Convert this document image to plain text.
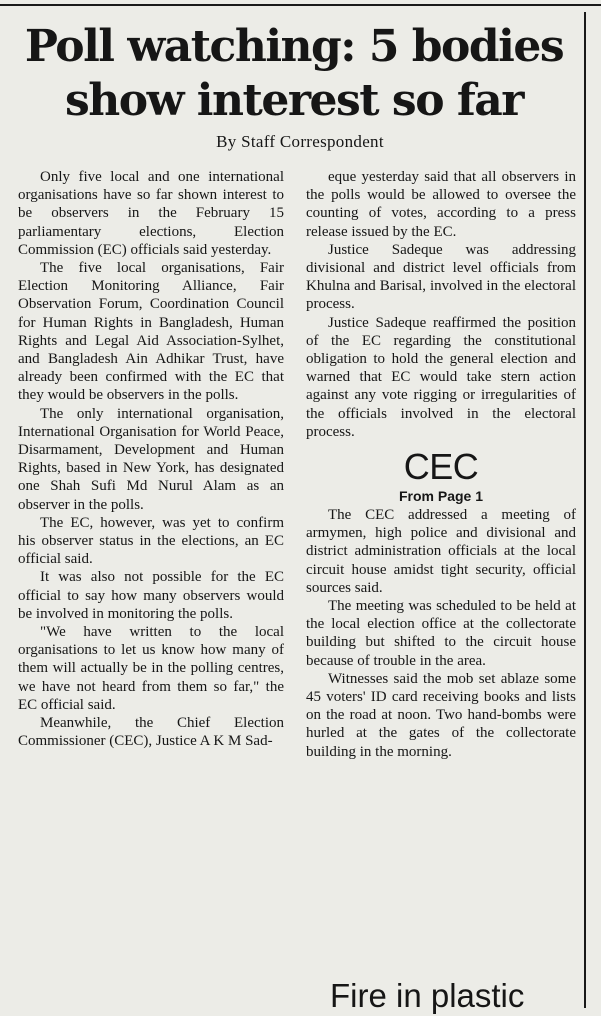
Poll watching: 5 bodies
show interest so far
By Staff Correspondent

Only five local and one international organisations have so far shown interest to be observers in the February 15 parliamentary elections, Election Commission (EC) officials said yesterday.

The five local organisations, Fair Election Monitoring Alliance, Fair Observation Forum, Coordination Council for Human Rights in Bangladesh, Human Rights and Legal Aid Association-Sylhet, and Bangladesh Ain Adhikar Trust, have already been confirmed with the EC that they would be observers in the polls.

The only international organisation, International Organisation for World Peace, Disarmament, Development and Human Rights, based in New York, has designated one Shah Sufi Md Nurul Alam as an observer in the polls.

The EC, however, was yet to confirm his observer status in the elections, an EC official said.

It was also not possible for the EC official to say how many observers would be involved in monitoring the polls.

"We have written to the local organisations to let us know how many of them will actually be in the polling centres, we have not heard from them so far," the EC official said.

Meanwhile, the Chief Election Commissioner (CEC), Justice A K M Sad-

eque yesterday said that all observers in the polls would be allowed to oversee the counting of votes, according to a press release issued by the EC.

Justice Sadeque was addressing divisional and district level officials from Khulna and Barisal, involved in the electoral process.

Justice Sadeque reaffirmed the position of the EC regarding the constitutional obligation to hold the general election and warned that EC would take stern action against any vote rigging or irregularities of the officials involved in the electoral process.

CEC
From Page 1

The CEC addressed a meeting of armymen, high police and divisional and district administration officials at the local circuit house amidst tight security, official sources said.

The meeting was scheduled to be held at the local election office at the collectorate building but shifted to the circuit house because of trouble in the area.

Witnesses said the mob set ablaze some 45 voters' ID card receiving books and lists on the road at noon. Two hand-bombs were hurled at the gates of the collectorate building in the morning.

Fire in plastic
